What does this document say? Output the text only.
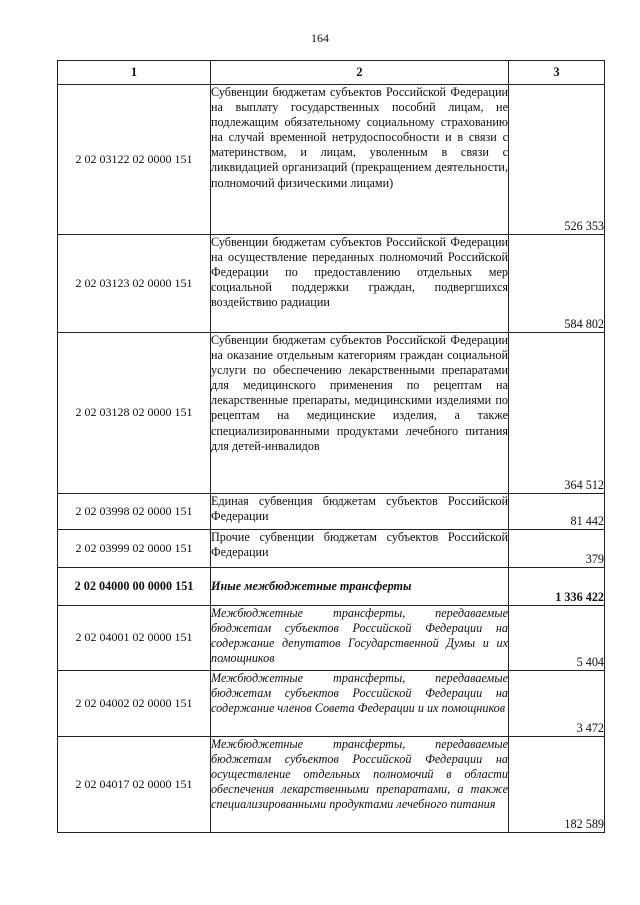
164
1	2	3
2 02 03122 02 0000 151	Субвенции бюджетам субъектов Российской Федерации на выплату государственных пособий лицам, не подлежащим обязательному социальному страхованию на случай временной нетрудоспособности и в связи с материнством, и лицам, уволенным в связи с ликвидацией организаций (прекращением деятельности, полномочий физическими лицами)	526 353
2 02 03123 02 0000 151	Субвенции бюджетам субъектов Российской Федерации на осуществление переданных полномочий Российской Федерации по предоставлению отдельных мер социальной поддержки граждан, подвергшихся воздействию радиации	584 802
2 02 03128 02 0000 151	Субвенции бюджетам субъектов Российской Федерации на оказание отдельным категориям граждан социальной услуги по обеспечению лекарственными препаратами для медицинского применения по рецептам на лекарственные препараты, медицинскими изделиями по рецептам на медицинские изделия, а также специализированными продуктами лечебного питания для детей-инвалидов	364 512
2 02 03998 02 0000 151	Единая субвенция бюджетам субъектов Российской Федерации	81 442
2 02 03999 02 0000 151	Прочие субвенции бюджетам субъектов Российской Федерации	379
2 02 04000 00 0000 151	Иные межбюджетные трансферты	1 336 422
2 02 04001 02 0000 151	Межбюджетные трансферты, передаваемые бюджетам субъектов Российской Федерации на содержание депутатов Государственной Думы и их помощников	5 404
2 02 04002 02 0000 151	Межбюджетные трансферты, передаваемые бюджетам субъектов Российской Федерации на содержание членов Совета Федерации и их помощников	3 472
2 02 04017 02 0000 151	Межбюджетные трансферты, передаваемые бюджетам субъектов Российской Федерации на осуществление отдельных полномочий в области обеспечения лекарственными препаратами, а также специализированными продуктами лечебного питания	182 589
